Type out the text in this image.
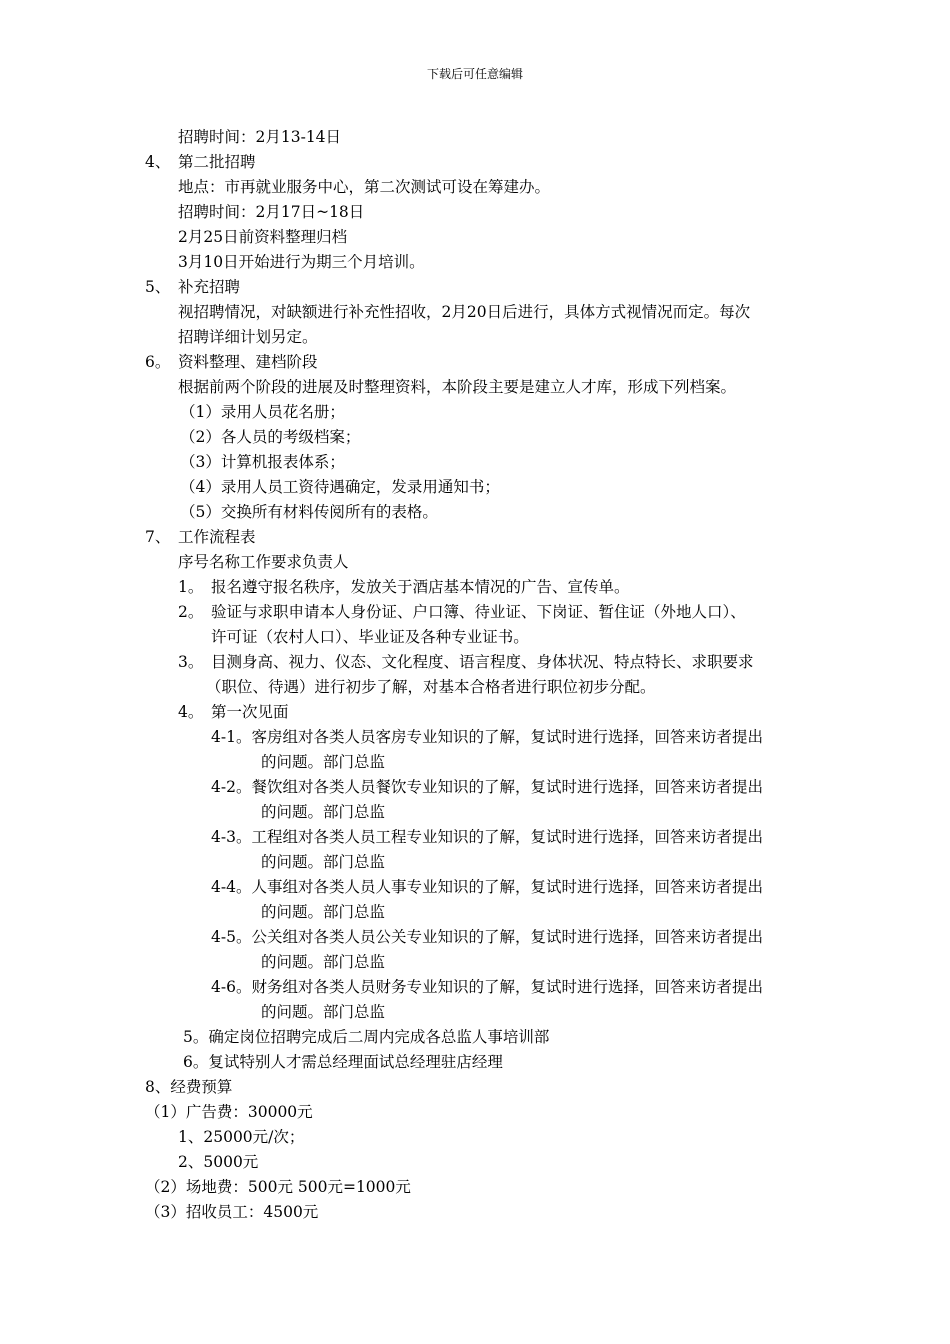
下载后可任意编辑
招聘时间：2月13-14日
4、 第二批招聘
地点：市再就业服务中心，第二次测试可设在筹建办。
招聘时间：2月17日~18日
2月25日前资料整理归档
3月10日开始进行为期三个月培训。
5、 补充招聘
视招聘情况，对缺额进行补充性招收，2月20日后进行，具体方式视情况而定。每次
招聘详细计划另定。
6。 资料整理、建档阶段
根据前两个阶段的进展及时整理资料，本阶段主要是建立人才库，形成下列档案。
（1）录用人员花名册；
（2）各人员的考级档案；
（3）计算机报表体系；
（4）录用人员工资待遇确定，发录用通知书；
（5）交换所有材料传阅所有的表格。
7、 工作流程表
序号名称工作要求负责人
1。 报名遵守报名秩序，发放关于酒店基本情况的广告、宣传单。
2。 验证与求职申请本人身份证、户口簿、待业证、下岗证、暂住证（外地人口）、
许可证（农村人口）、毕业证及各种专业证书。
3。 目测身高、视力、仪态、文化程度、语言程度、身体状况、特点特长、求职要求
（职位、待遇）进行初步了解，对基本合格者进行职位初步分配。
4。 第一次见面
4-1。客房组对各类人员客房专业知识的了解，复试时进行选择，回答来访者提出
的问题。部门总监
4-2。餐饮组对各类人员餐饮专业知识的了解，复试时进行选择，回答来访者提出
的问题。部门总监
4-3。工程组对各类人员工程专业知识的了解，复试时进行选择，回答来访者提出
的问题。部门总监
4-4。人事组对各类人员人事专业知识的了解，复试时进行选择，回答来访者提出
的问题。部门总监
4-5。公关组对各类人员公关专业知识的了解，复试时进行选择，回答来访者提出
的问题。部门总监
4-6。财务组对各类人员财务专业知识的了解，复试时进行选择，回答来访者提出
的问题。部门总监
5。确定岗位招聘完成后二周内完成各总监人事培训部
6。复试特别人才需总经理面试总经理驻店经理
8、经费预算
（1）广告费：30000元
1、25000元/次；
2、5000元
（2）场地费：500元 500元=1000元
（3）招收员工：4500元
